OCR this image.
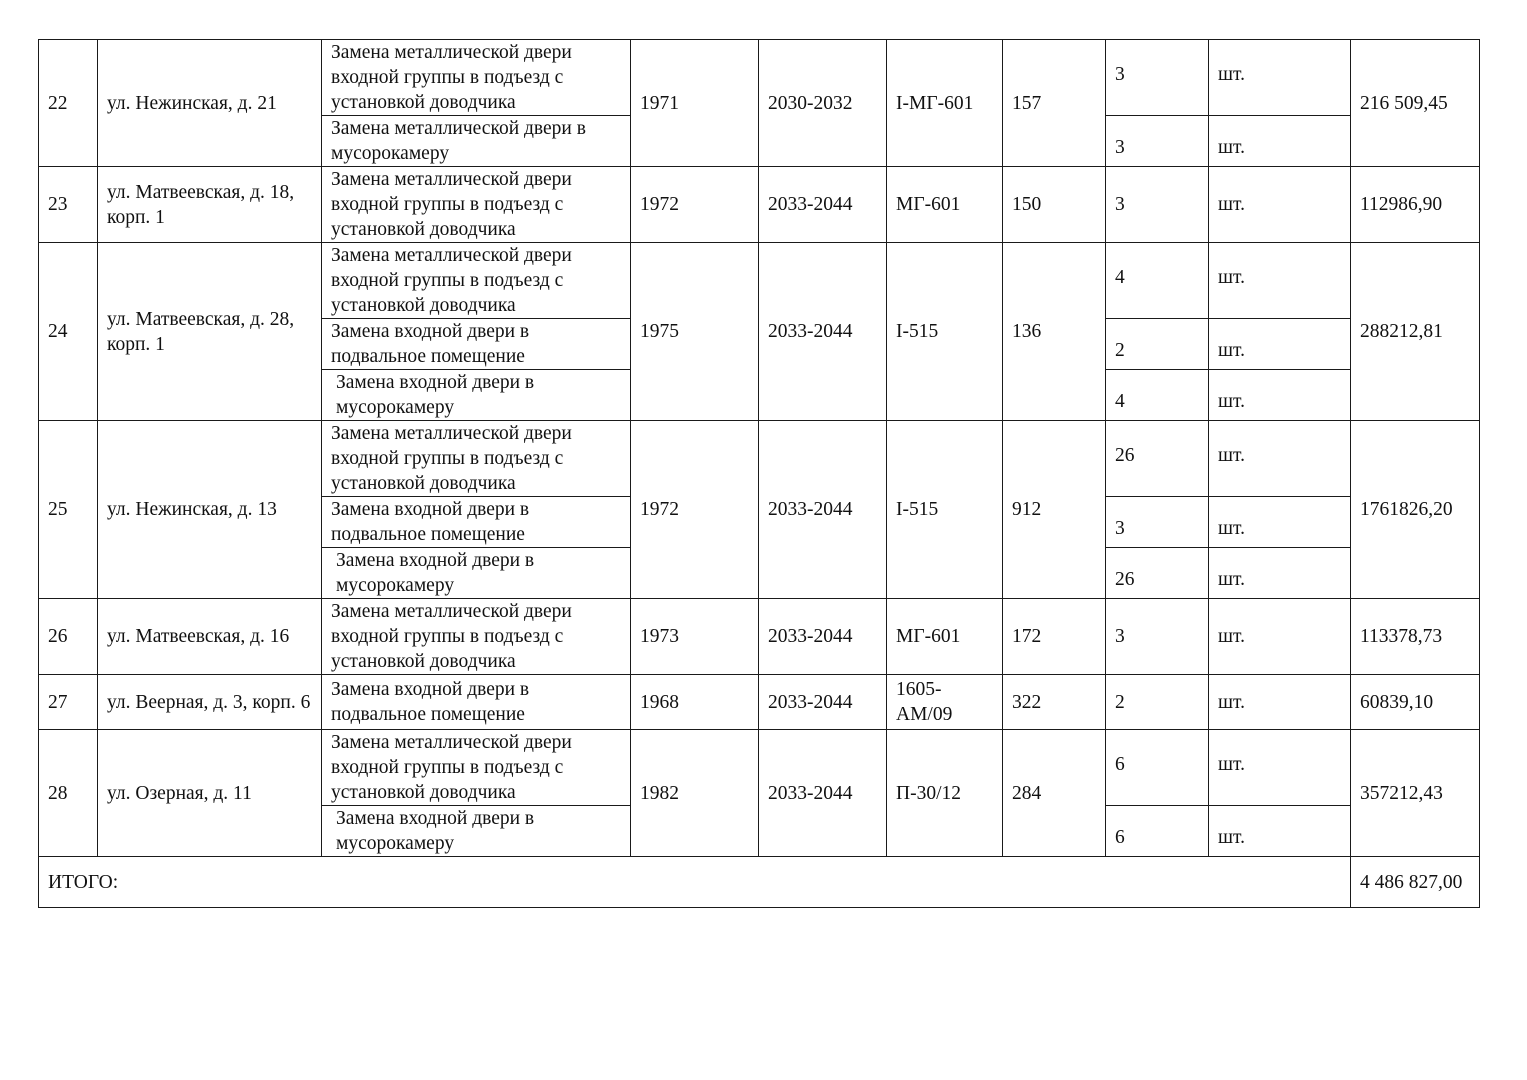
22	ул. Нежинская, д. 21	Замена металлической двери входной группы в подъезд с установкой доводчика	1971	2030-2032	I-МГ-601	157	3	шт.	216 509,45
		Замена металлической двери в мусорокамеру					3	шт.	
23	ул. Матвеевская, д. 18, корп. 1	Замена металлической двери входной группы в подъезд с установкой доводчика	1972	2033-2044	МГ-601	150	3	шт.	112986,90
24	ул. Матвеевская, д. 28, корп. 1	Замена металлической двери входной группы в подъезд с установкой доводчика	1975	2033-2044	I-515	136	4	шт.	288212,81
		Замена входной двери в подвальное помещение					2	шт.	
		Замена входной двери в мусорокамеру					4	шт.	
25	ул. Нежинская, д. 13	Замена металлической двери входной группы в подъезд с установкой доводчика	1972	2033-2044	I-515	912	26	шт.	1761826,20
		Замена входной двери в подвальное помещение					3	шт.	
		Замена входной двери в мусорокамеру					26	шт.	
26	ул. Матвеевская, д. 16	Замена металлической двери входной группы в подъезд с установкой доводчика	1973	2033-2044	МГ-601	172	3	шт.	113378,73
27	ул. Веерная, д. 3, корп. 6	Замена входной двери в подвальное помещение	1968	2033-2044	1605-АМ/09	322	2	шт.	60839,10
28	ул. Озерная, д. 11	Замена металлической двери входной группы в подъезд с установкой доводчика	1982	2033-2044	П-30/12	284	6	шт.	357212,43
		Замена входной двери в мусорокамеру					6	шт.	
ИТОГО:									4 486 827,00
